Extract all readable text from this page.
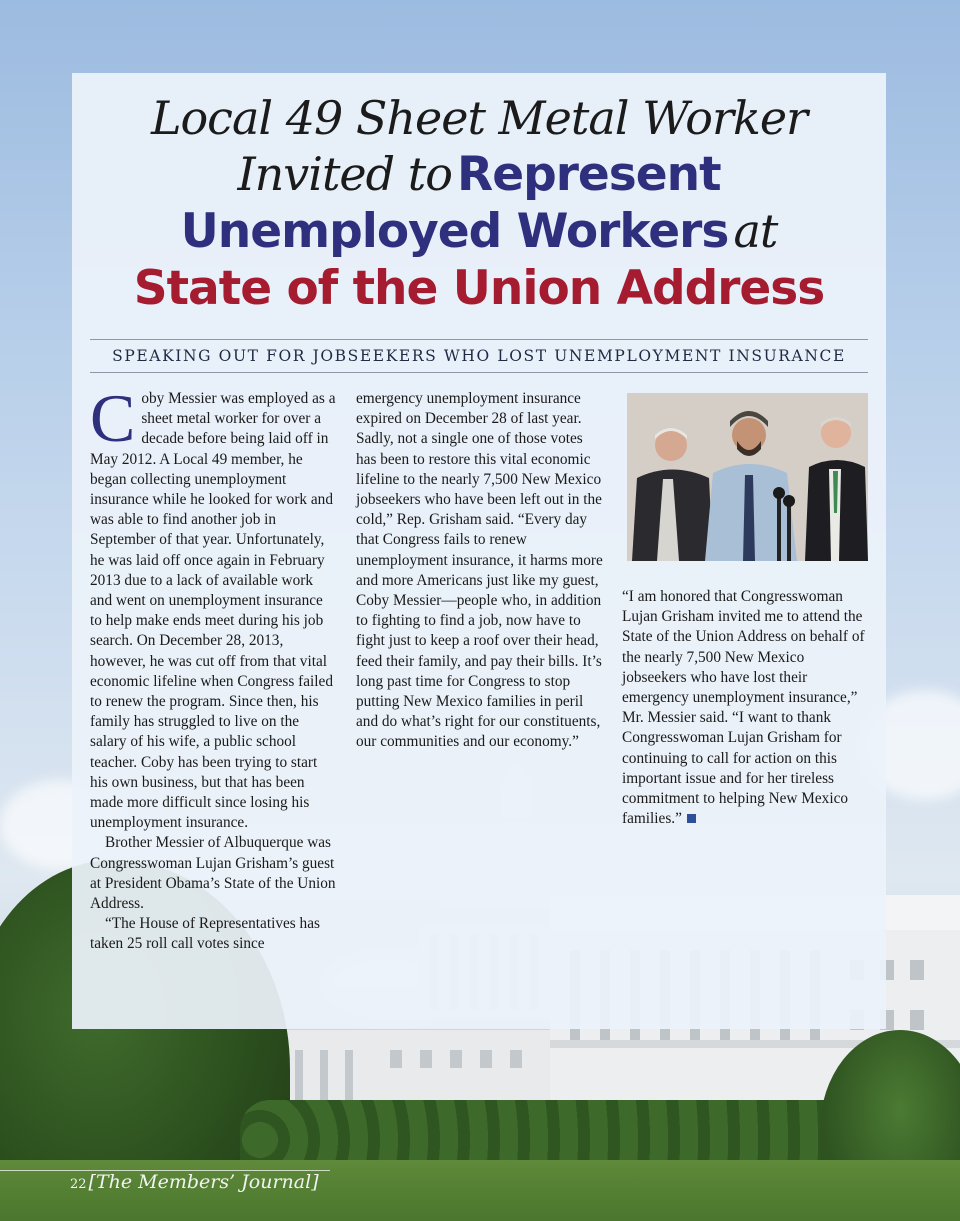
Local 49 Sheet Metal Worker
Invited to Represent
Unemployed Workers at
State of the Union Address
SPEAKING OUT FOR JOBSEEKERS WHO LOST UNEMPLOYMENT INSURANCE
C oby Messier was employed as a sheet metal worker for over a decade before being laid off in May 2012. A Local 49 member, he began collecting unemployment insurance while he looked for work and was able to find another job in September of that year. Unfortunately, he was laid off once again in February 2013 due to a lack of available work and went on unemployment insurance to help make ends meet during his job search. On December 28, 2013, however, he was cut off from that vital economic lifeline when Congress failed to renew the program. Since then, his family has struggled to live on the salary of his wife, a public school teacher. Coby has been trying to start his own business, but that has been made more difficult since losing his unemployment insurance.

Brother Messier of Albuquerque was Congresswoman Lujan Grisham’s guest at President Obama’s State of the Union Address.

“The House of Representatives has taken 25 roll call votes since

emergency unemployment insurance expired on December 28 of last year. Sadly, not a single one of those votes has been to restore this vital economic lifeline to the nearly 7,500 New Mexico jobseekers who have been left out in the cold,” Rep. Grisham said. “Every day that Congress fails to renew unemployment insurance, it harms more and more Americans just like my guest, Coby Messier—people who, in addition to fighting to find a job, now have to fight just to keep a roof over their head, feed their family, and pay their bills. It’s long past time for Congress to stop putting New Mexico families in peril and do what’s right for our constituents, our communities and our economy.”

“I am honored that Congresswoman Lujan Grisham invited me to attend the State of the Union Address on behalf of the nearly 7,500 New Mexico jobseekers who have lost their emergency unemployment insurance,” Mr. Messier said. “I want to thank Congresswoman Lujan Grisham for continuing to call for action on this important issue and for her tireless commitment to helping New Mexico families.”

22 [The Members’ Journal]
